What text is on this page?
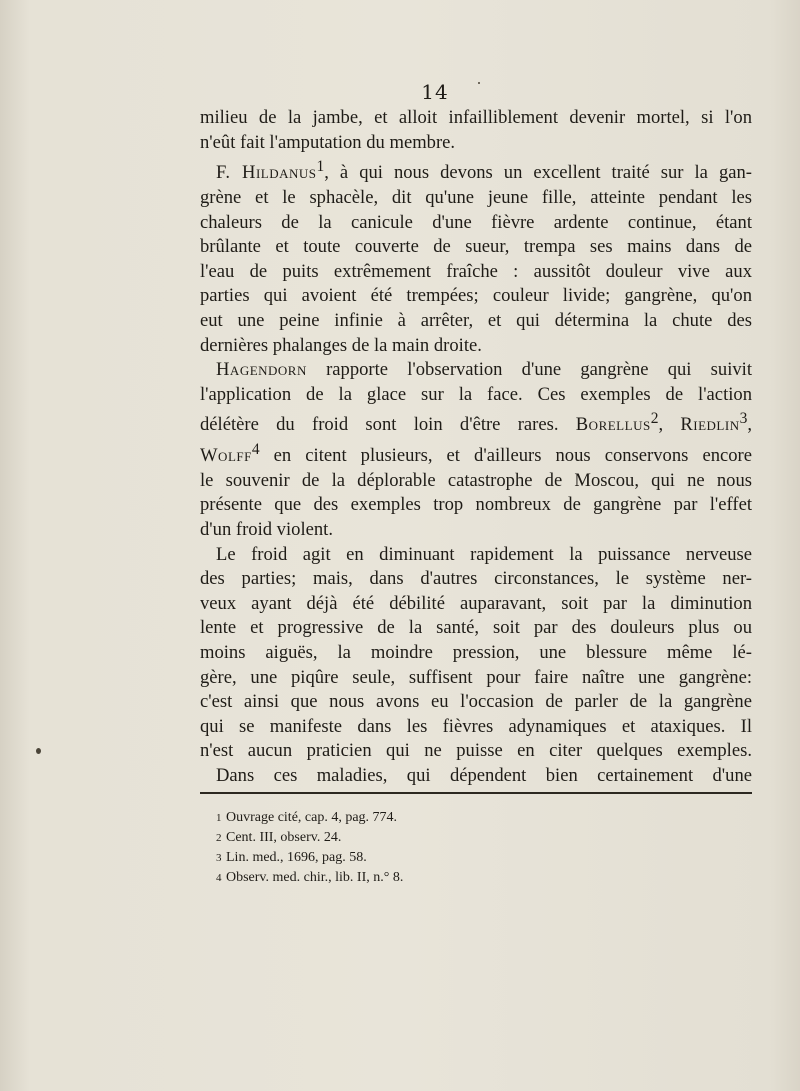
14
milieu de la jambe, et alloit infailliblement devenir mortel, si l'on
n'eût fait l'amputation du membre.
F. Hildanus$^1$, à qui nous devons un excellent traité sur la gan-
grène et le sphacèle, dit qu'une jeune fille, atteinte pendant les
chaleurs de la canicule d'une fièvre ardente continue, étant
brûlante et toute couverte de sueur, trempa ses mains dans de
l'eau de puits extrêmement fraîche : aussitôt douleur vive aux
parties qui avoient été trempées; couleur livide; gangrène, qu'on
eut une peine infinie à arrêter, et qui détermina la chute des
dernières phalanges de la main droite.
Hagendorn rapporte l'observation d'une gangrène qui suivit
l'application de la glace sur la face. Ces exemples de l'action
délétère du froid sont loin d'être rares. Borellus$^2$, Riedlin$^3$,
Wolff$^4$ en citent plusieurs, et d'ailleurs nous conservons encore
le souvenir de la déplorable catastrophe de Moscou, qui ne nous
présente que des exemples trop nombreux de gangrène par l'effet
d'un froid violent.
Le froid agit en diminuant rapidement la puissance nerveuse
des parties; mais, dans d'autres circonstances, le système ner-
veux ayant déjà été débilité auparavant, soit par la diminution
lente et progressive de la santé, soit par des douleurs plus ou
moins aiguës, la moindre pression, une blessure même lé-
gère, une piqûre seule, suffisent pour faire naître une gangrène:
c'est ainsi que nous avons eu l'occasion de parler de la gangrène
qui se manifeste dans les fièvres adynamiques et ataxiques. Il
n'est aucun praticien qui ne puisse en citer quelques exemples.
Dans ces maladies, qui dépendent bien certainement d'une
1 Ouvrage cité, cap. 4, pag. 774.
2 Cent. III, observ. 24.
3 Lin. med., 1696, pag. 58.
4 Observ. med. chir., lib. II, n.° 8.
